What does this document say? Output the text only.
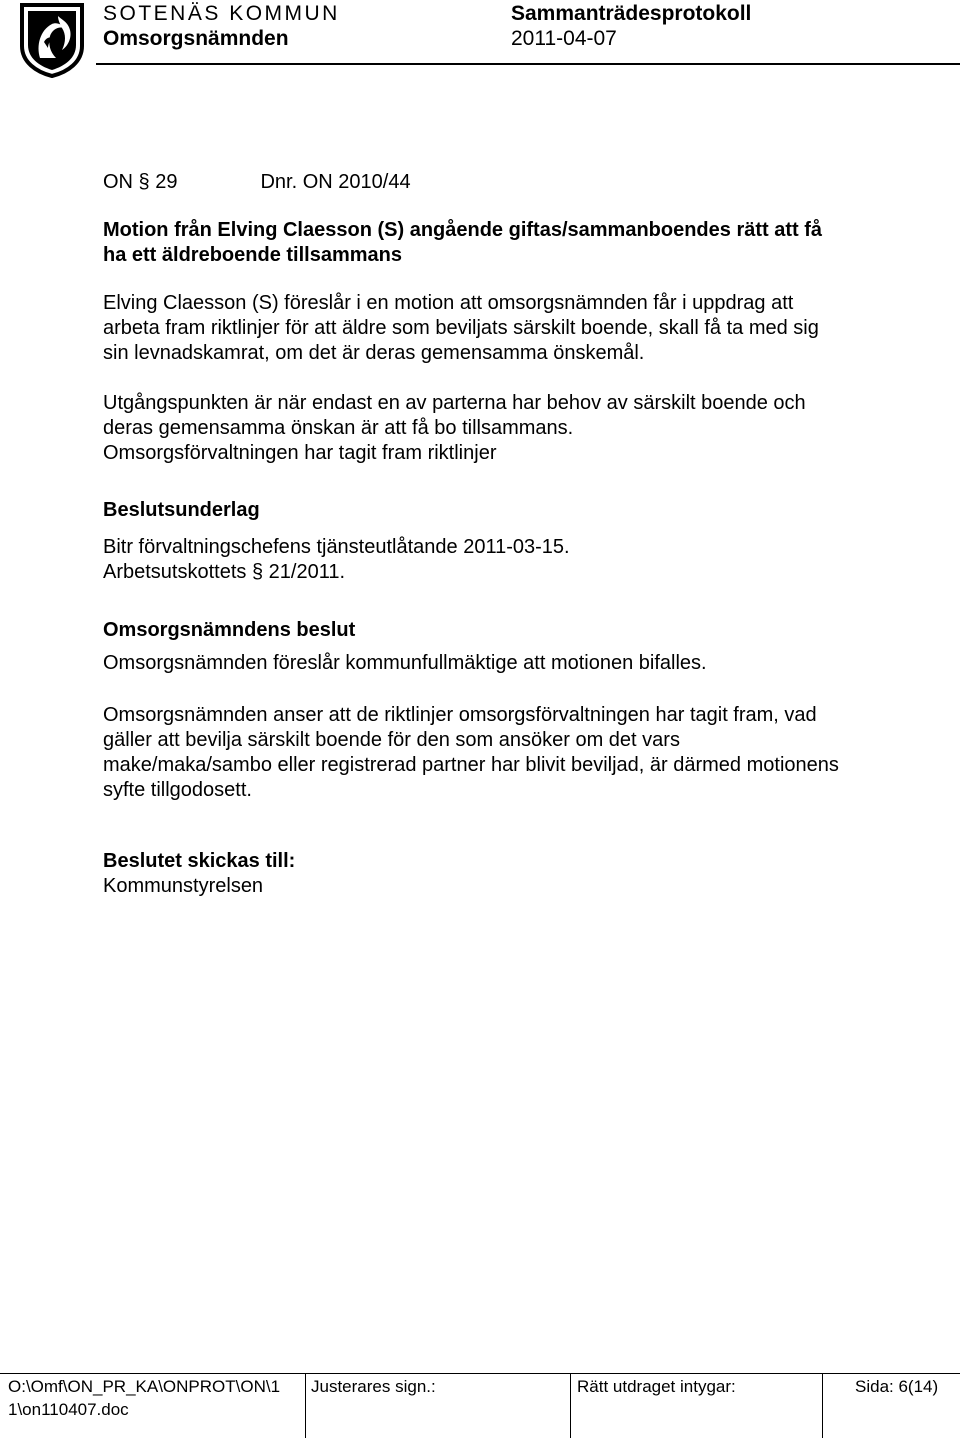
SOTENÄS KOMMUN
Omsorgsnämnden
Sammanträdesprotokoll
2011-04-07
ON § 29	Dnr. ON 2010/44
Motion från Elving Claesson (S) angående giftas/sammanboendes rätt att få
ha ett äldreboende tillsammans
Elving Claesson (S) föreslår i en motion att omsorgsnämnden får i uppdrag att
arbeta fram riktlinjer för att äldre som beviljats särskilt boende, skall få ta med sig
sin levnadskamrat, om det är deras gemensamma önskemål.
Utgångspunkten är när endast en av parterna har behov av särskilt boende och
deras gemensamma önskan är att få bo tillsammans.
Omsorgsförvaltningen har tagit fram riktlinjer
Beslutsunderlag
Bitr förvaltningschefens tjänsteutlåtande 2011-03-15.
Arbetsutskottets § 21/2011.
Omsorgsnämndens beslut
Omsorgsnämnden föreslår kommunfullmäktige att motionen bifalles.
Omsorgsnämnden anser att de riktlinjer omsorgsförvaltningen har tagit fram, vad
gäller att bevilja särskilt boende för den som ansöker om det vars
make/maka/sambo eller registrerad partner har blivit beviljad, är därmed motionens
syfte tillgodosett.
Beslutet skickas till:
Kommunstyrelsen
O:\Omf\ON_PR_KA\ONPROT\ON\1
1\on110407.doc
Justerares sign.:	Rätt utdraget intygar:	Sida: 6(14)
